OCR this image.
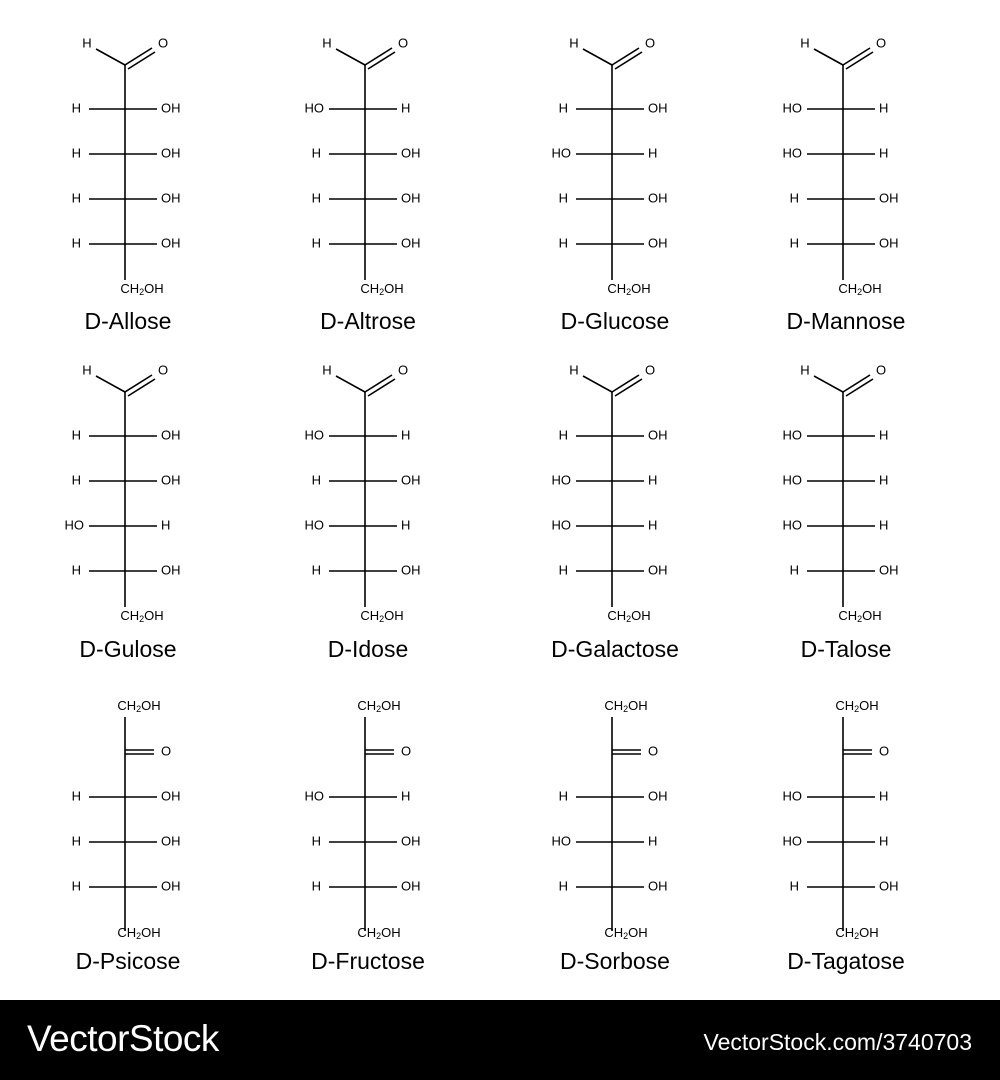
H	O
H	OH
H	OH
H	OH
H	OH
$CH_2OH$
D-Allose
H	O
HO	H
H	OH
H	OH
H	OH
$CH_2OH$
D-Altrose
H	O
H	OH
HO	H
H	OH
H	OH
$CH_2OH$
D-Glucose
H	O
HO	H
HO	H
H	OH
H	OH
$CH_2OH$
D-Mannose
H	O
H	OH
H	OH
HO	H
H	OH
$CH_2OH$
D-Gulose
H	O
HO	H
H	OH
HO	H
H	OH
$CH_2OH$
D-Idose
H	O
H	OH
HO	H
HO	H
H	OH
$CH_2OH$
D-Galactose
H	O
HO	H
HO	H
HO	H
H	OH
$CH_2OH$
D-Talose
$CH_2OH$
O
H	OH
H	OH
H	OH
$CH_2OH$
D-Psicose
$CH_2OH$
O
HO	H
H	OH
H	OH
$CH_2OH$
D-Fructose
$CH_2OH$
O
H	OH
HO	H
H	OH
$CH_2OH$
D-Sorbose
$CH_2OH$
O
HO	H
HO	H
H	OH
$CH_2OH$
D-Tagatose
VectorStock	VectorStock.com/3740703
